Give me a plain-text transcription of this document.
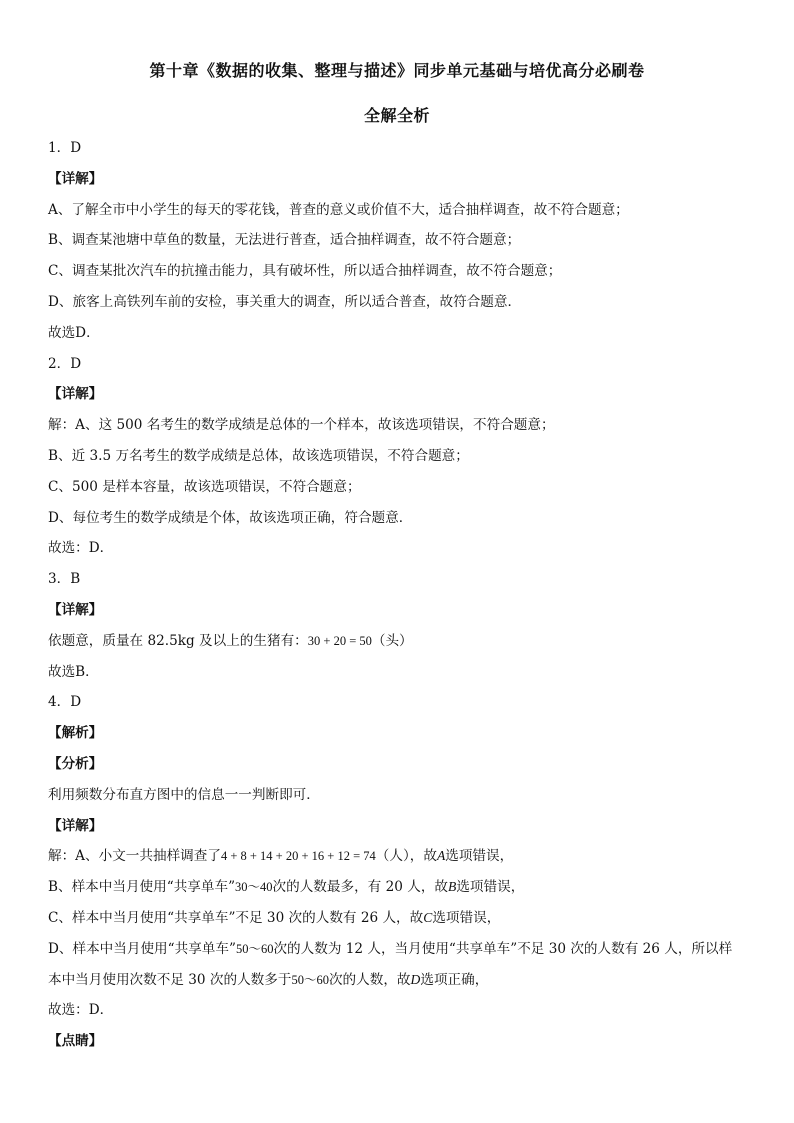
第十章《数据的收集、整理与描述》同步单元基础与培优高分必刷卷
全解全析
1．D
【详解】
A、了解全市中小学生的每天的零花钱，普查的意义或价值不大，适合抽样调查，故不符合题意；
B、调查某池塘中草鱼的数量，无法进行普查，适合抽样调查，故不符合题意；
C、调查某批次汽车的抗撞击能力，具有破坏性，所以适合抽样调查，故不符合题意；
D、旅客上高铁列车前的安检，事关重大的调查，所以适合普查，故符合题意．
故选D．
2．D
【详解】
解：A、这 500 名考生的数学成绩是总体的一个样本，故该选项错误，不符合题意；
B、近 3.5 万名考生的数学成绩是总体，故该选项错误，不符合题意；
C、500 是样本容量，故该选项错误，不符合题意；
D、每位考生的数学成绩是个体，故该选项正确，符合题意．
故选：D．
3．B
【详解】
依题意，质量在 82.5kg 及以上的生猪有：30 + 20 = 50（头）
故选B．
4．D
【解析】
【分析】
利用频数分布直方图中的信息一一判断即可．
【详解】
解：A、小文一共抽样调查了4 + 8 + 14 + 20 + 16 + 12 = 74（人），故A选项错误，
B、样本中当月使用“共享单车”30～40次的人数最多，有 20 人，故B选项错误，
C、样本中当月使用“共享单车”不足 30 次的人数有 26 人，故C选项错误，
D、样本中当月使用“共享单车”50～60次的人数为 12 人，当月使用“共享单车”不足 30 次的人数有 26 人，所以样
本中当月使用次数不足 30 次的人数多于50～60次的人数，故D选项正确，
故选：D．
【点睛】
